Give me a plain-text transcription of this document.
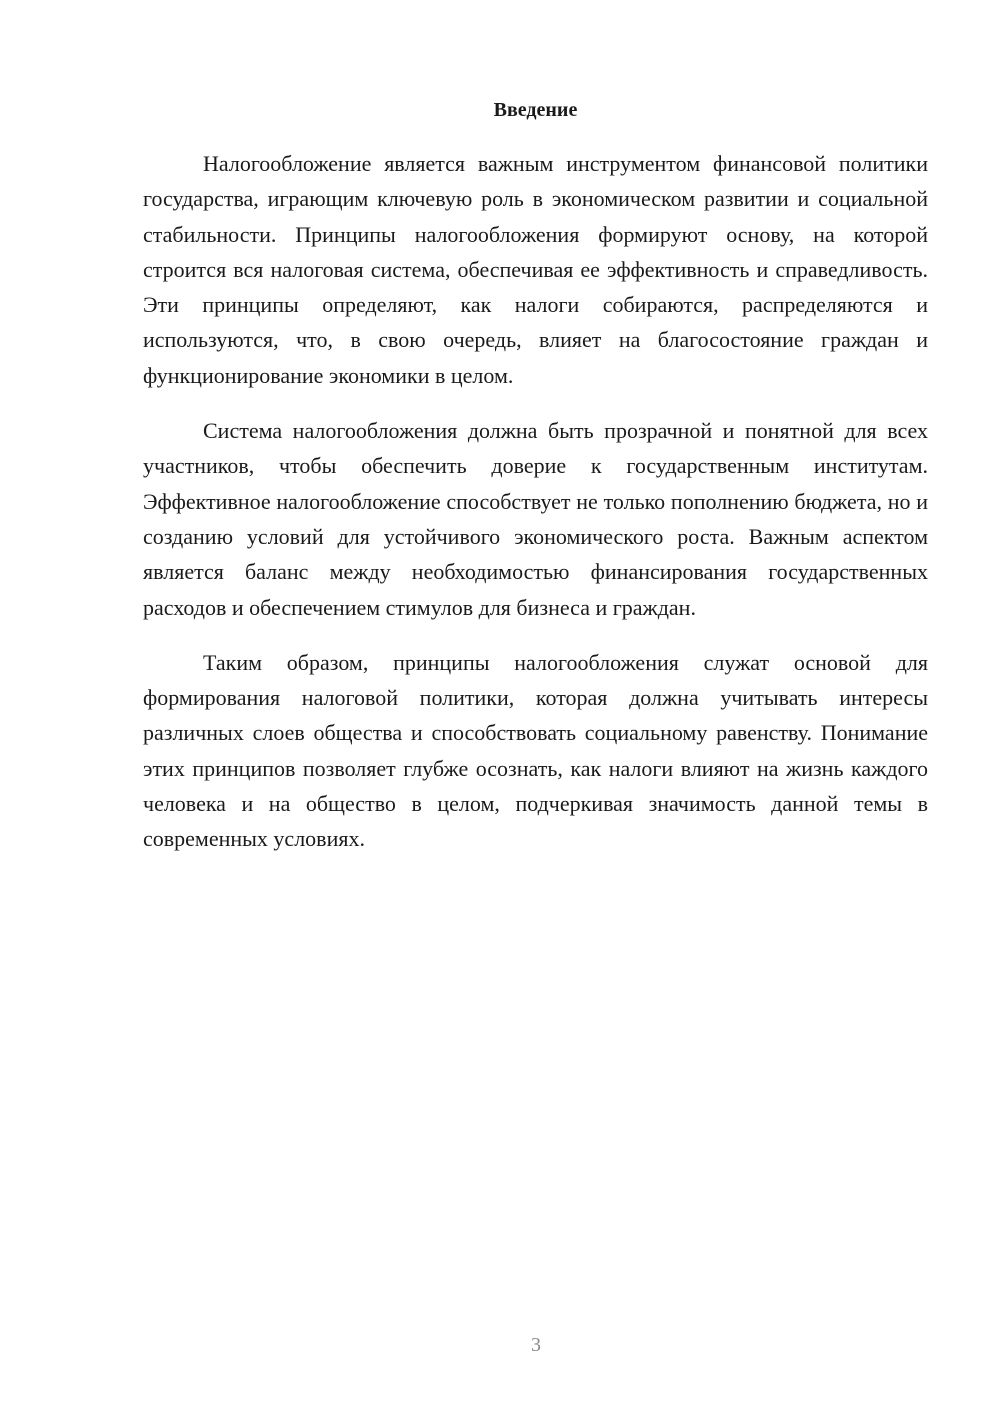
Введение

Налогообложение является важным инструментом финансовой политики государства, играющим ключевую роль в экономическом развитии и социальной стабильности. Принципы налогообложения формируют основу, на которой строится вся налоговая система, обеспечивая ее эффективность и справедливость. Эти принципы определяют, как налоги собираются, распределяются и используются, что, в свою очередь, влияет на благосостояние граждан и функционирование экономики в целом.

Система налогообложения должна быть прозрачной и понятной для всех участников, чтобы обеспечить доверие к государственным институтам. Эффективное налогообложение способствует не только пополнению бюджета, но и созданию условий для устойчивого экономического роста. Важным аспектом является баланс между необходимостью финансирования государственных расходов и обеспечением стимулов для бизнеса и граждан.

Таким образом, принципы налогообложения служат основой для формирования налоговой политики, которая должна учитывать интересы различных слоев общества и способствовать социальному равенству. Понимание этих принципов позволяет глубже осознать, как налоги влияют на жизнь каждого человека и на общество в целом, подчеркивая значимость данной темы в современных условиях.

3
